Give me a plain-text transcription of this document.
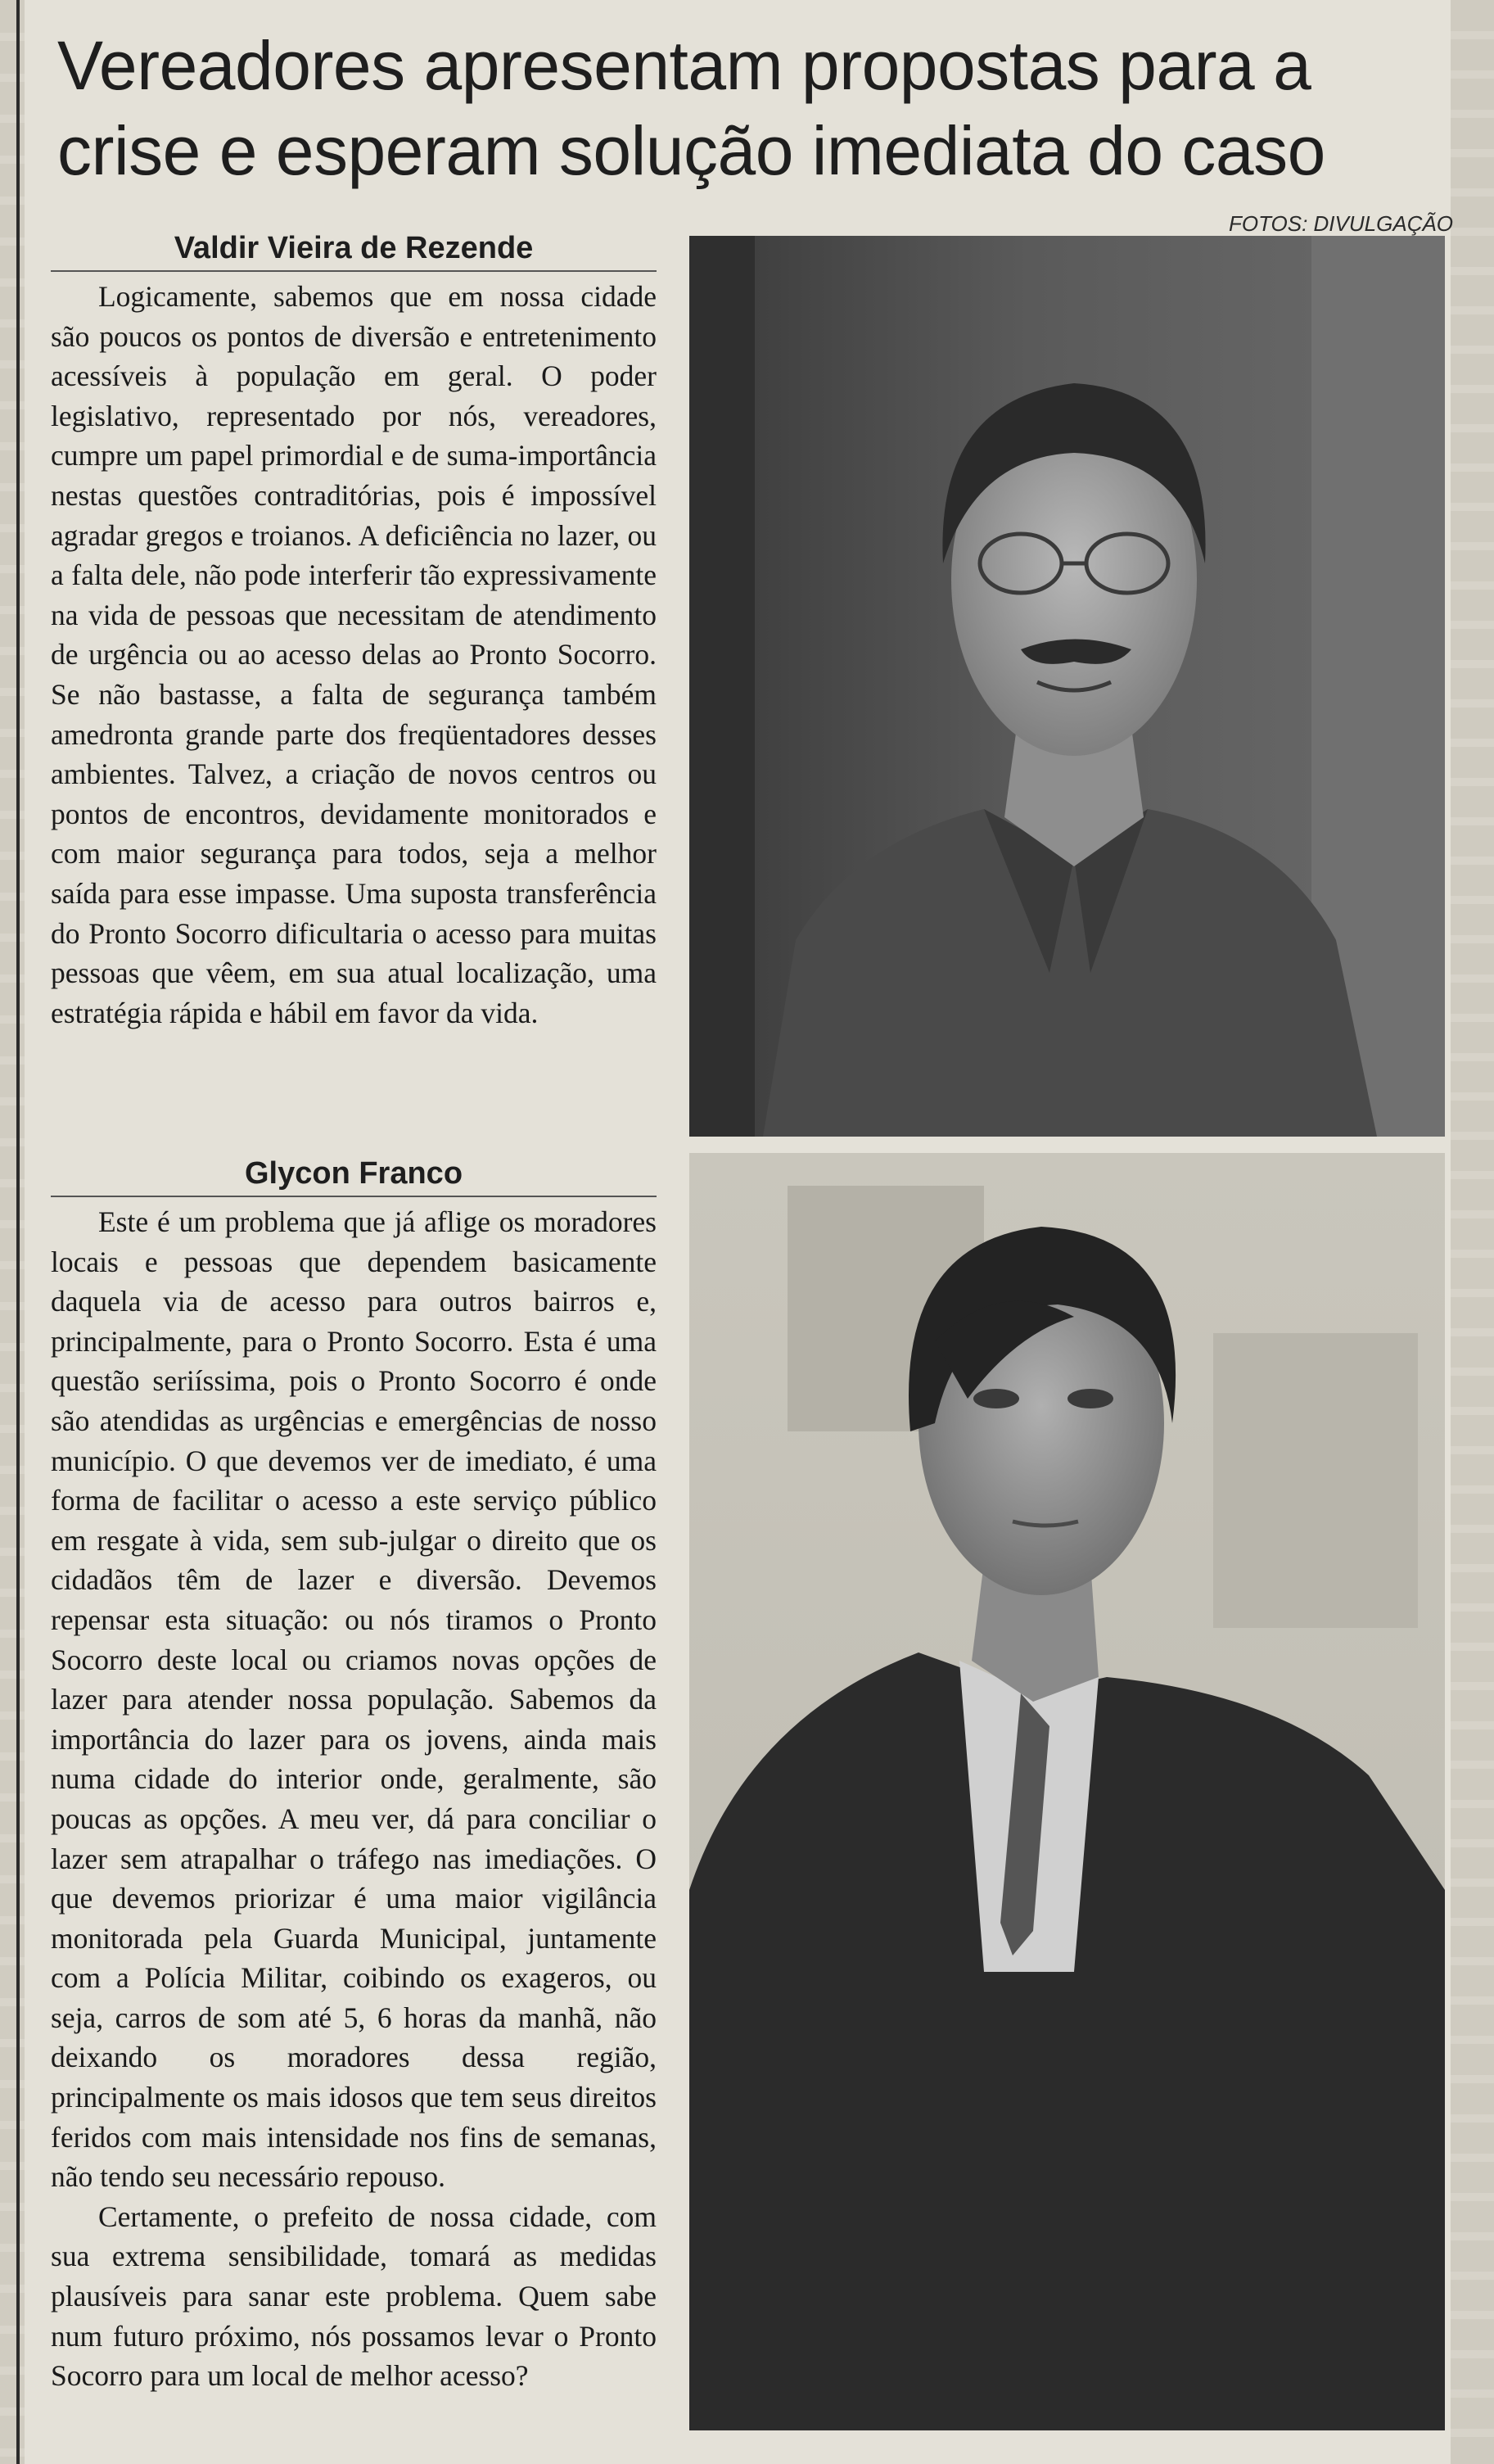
Vereadores apresentam propostas para a crise e esperam solução imediata do caso
FOTOS: DIVULGAÇÃO
Valdir Vieira de Rezende

Logicamente, sabemos que em nossa cidade são poucos os pontos de diversão e entretenimento acessíveis à população em geral. O poder legislativo, representado por nós, vereadores, cumpre um papel primordial e de suma-importância nestas questões contraditórias, pois é impossível agradar gregos e troianos. A deficiência no lazer, ou a falta dele, não pode interferir tão expressivamente na vida de pessoas que necessitam de atendimento de urgência ou ao acesso delas ao Pronto Socorro. Se não bastasse, a falta de segurança também amedronta grande parte dos freqüentadores desses ambientes. Talvez, a criação de novos centros ou pontos de encontros, devidamente monitorados e com maior segurança para todos, seja a melhor saída para esse impasse. Uma suposta transferência do Pronto Socorro dificultaria o acesso para muitas pessoas que vêem, em sua atual localização, uma estratégia rápida e hábil em favor da vida.

Glycon Franco

Este é um problema que já aflige os moradores locais e pessoas que dependem basicamente daquela via de acesso para outros bairros e, principalmente, para o Pronto Socorro. Esta é uma questão seriíssima, pois o Pronto Socorro é onde são atendidas as urgências e emergências de nosso município. O que devemos ver de imediato, é uma forma de facilitar o acesso a este serviço público em resgate à vida, sem sub-julgar o direito que os cidadãos têm de lazer e diversão. Devemos repensar esta situação: ou nós tiramos o Pronto Socorro deste local ou criamos novas opções de lazer para atender nossa população. Sabemos da importância do lazer para os jovens, ainda mais numa cidade do interior onde, geralmente, são poucas as opções. A meu ver, dá para conciliar o lazer sem atrapalhar o tráfego nas imediações. O que devemos priorizar é uma maior vigilância monitorada pela Guarda Municipal, juntamente com a Polícia Militar, coibindo os exageros, ou seja, carros de som até 5, 6 horas da manhã, não deixando os moradores dessa região, principalmente os mais idosos que tem seus direitos feridos com mais intensidade nos fins de semanas, não tendo seu necessário repouso.

Certamente, o prefeito de nossa cidade, com sua extrema sensibilidade, tomará as medidas plausíveis para sanar este problema. Quem sabe num futuro próximo, nós possamos levar o Pronto Socorro para um local de melhor acesso?
